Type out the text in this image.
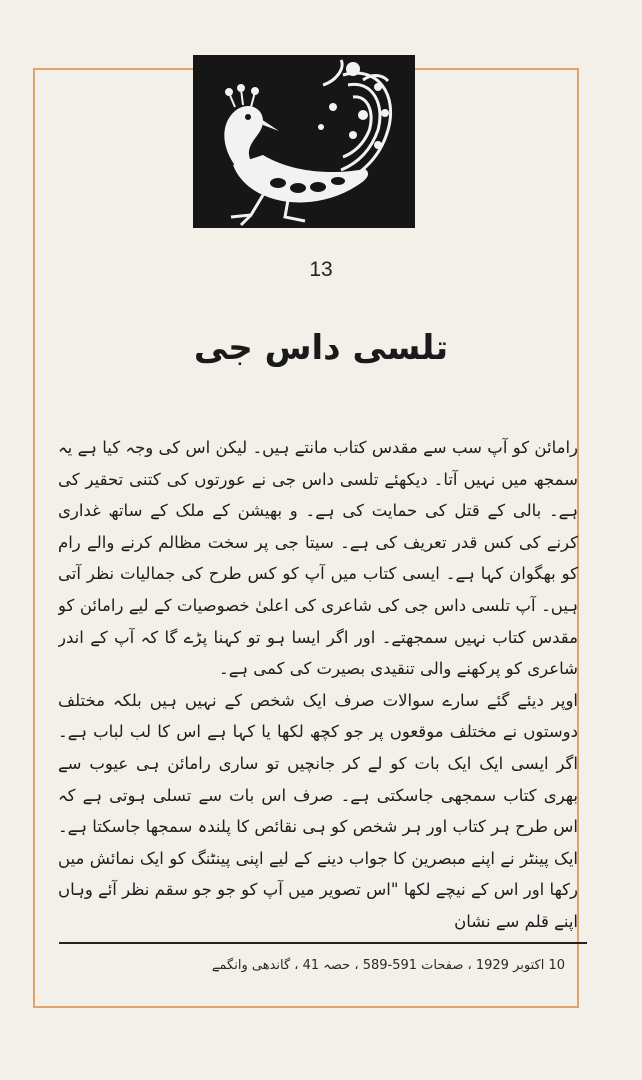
13
تلسی داس جی

رامائن کو آپ سب سے مقدس کتاب مانتے ہیں۔ لیکن اس کی وجہ کیا ہے یہ سمجھ میں نہیں آتا۔ دیکھئے تلسی داس جی نے عورتوں کی کتنی تحقیر کی ہے۔ بالی کے قتل کی حمایت کی ہے۔ و بھیشن کے ملک کے ساتھ غداری کرنے کی کس قدر تعریف کی ہے۔ سیتا جی پر سخت مظالم کرنے والے رام کو بھگوان کہا ہے۔ ایسی کتاب میں آپ کو کس طرح کی جمالیات نظر آتی ہیں۔ آپ تلسی داس جی کی شاعری کی اعلیٰ خصوصیات کے لیے رامائن کو مقدس کتاب نہیں سمجھتے۔ اور اگر ایسا ہو تو کہنا پڑے گا کہ آپ کے اندر شاعری کو پرکھنے والی تنقیدی بصیرت کی کمی ہے۔

اوپر دیئے گئے سارے سوالات صرف ایک شخص کے نہیں ہیں بلکہ مختلف دوستوں نے مختلف موقعوں پر جو کچھ لکھا یا کہا ہے اس کا لب لباب ہے۔ اگر ایسی ایک ایک بات کو لے کر جانچیں تو ساری رامائن ہی عیوب سے بھری کتاب سمجھی جاسکتی ہے۔ صرف اس بات سے تسلی ہوتی ہے کہ اس طرح ہر کتاب اور ہر شخص کو ہی نقائص کا پلندہ سمجھا جاسکتا ہے۔ ایک پینٹر نے اپنے مبصرین کا جواب دینے کے لیے اپنی پینٹنگ کو ایک نمائش میں رکھا اور اس کے نیچے لکھا "اس تصویر میں آپ کو جو جو سقم نظر آئے وہاں اپنے قلم سے نشان

10 اکتوبر 1929 ، صفحات 591-589 ، حصہ 41 ، گاندھی وانگمے
